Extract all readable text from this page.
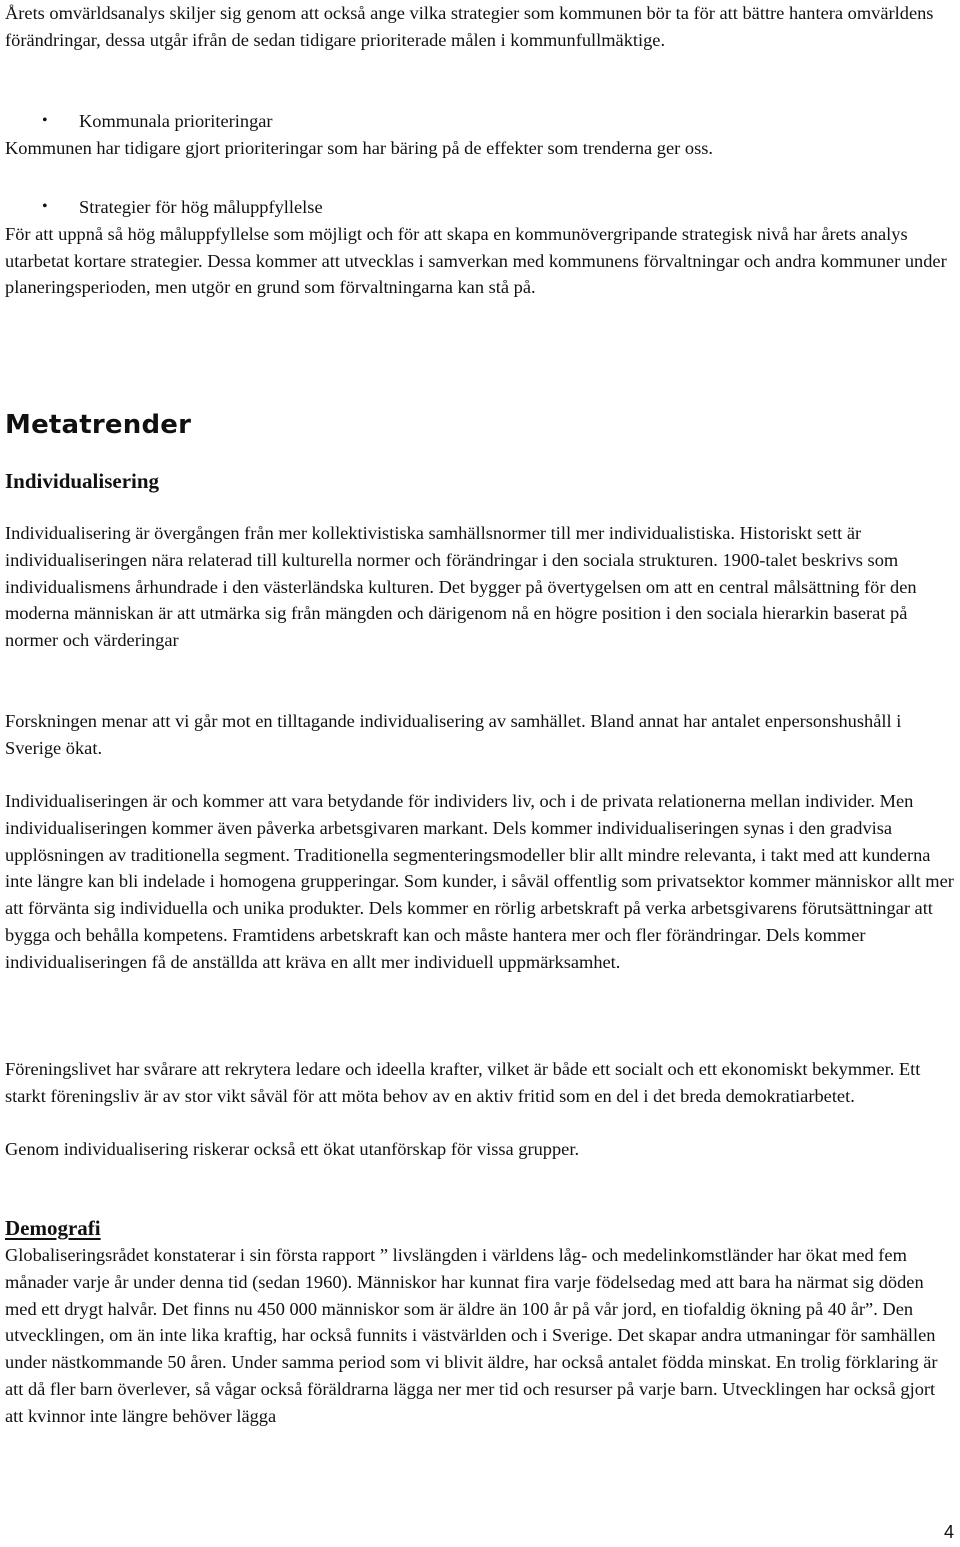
Årets omvärldsanalys skiljer sig genom att också ange vilka strategier som kommunen bör ta för att bättre hantera omvärldens förändringar, dessa utgår ifrån de sedan tidigare prioriterade målen i kommunfullmäktige.

• Kommunala prioriteringar

Kommunen har tidigare gjort prioriteringar som har bäring på de effekter som trenderna ger oss.

• Strategier för hög måluppfyllelse

För att uppnå så hög måluppfyllelse som möjligt och för att skapa en kommunövergripande strategisk nivå har årets analys utarbetat kortare strategier. Dessa kommer att utvecklas i samverkan med kommunens förvaltningar och andra kommuner under planeringsperioden, men utgör en grund som förvaltningarna kan stå på.

Metatrender
Individualisering

Individualisering är övergången från mer kollektivistiska samhällsnormer till mer individualistiska. Historiskt sett är individualiseringen nära relaterad till kulturella normer och förändringar i den sociala strukturen. 1900-talet beskrivs som individualismens århundrade i den västerländska kulturen. Det bygger på övertygelsen om att en central målsättning för den moderna människan är att utmärka sig från mängden och därigenom nå en högre position i den sociala hierarkin baserat på normer och värderingar

Forskningen menar att vi går mot en tilltagande individualisering av samhället. Bland annat har antalet enpersonshushåll i Sverige ökat.

Individualiseringen är och kommer att vara betydande för individers liv, och i de privata relationerna mellan individer. Men individualiseringen kommer även påverka arbetsgivaren markant. Dels kommer individualiseringen synas i den gradvisa upplösningen av traditionella segment. Traditionella segmenteringsmodeller blir allt mindre relevanta, i takt med att kunderna inte längre kan bli indelade i homogena grupperingar. Som kunder, i såväl offentlig som privatsektor kommer människor allt mer att förvänta sig individuella och unika produkter. Dels kommer en rörlig arbetskraft på verka arbetsgivarens förutsättningar att bygga och behålla kompetens. Framtidens arbetskraft kan och måste hantera mer och fler förändringar. Dels kommer individualiseringen få de anställda att kräva en allt mer individuell uppmärksamhet.

Föreningslivet har svårare att rekrytera ledare och ideella krafter, vilket är både ett socialt och ett ekonomiskt bekymmer. Ett starkt föreningsliv är av stor vikt såväl för att möta behov av en aktiv fritid som en del i det breda demokratiarbetet.

Genom individualisering riskerar också ett ökat utanförskap för vissa grupper.

Demografi

Globaliseringsrådet konstaterar i sin första rapport ” livslängden i världens låg- och medelinkomstländer har ökat med fem månader varje år under denna tid (sedan 1960). Människor har kunnat fira varje födelsedag med att bara ha närmat sig döden med ett drygt halvår. Det finns nu 450 000 människor som är äldre än 100 år på vår jord, en tiofaldig ökning på 40 år”. Den utvecklingen, om än inte lika kraftig, har också funnits i västvärlden och i Sverige. Det skapar andra utmaningar för samhällen under nästkommande 50 åren. Under samma period som vi blivit äldre, har också antalet födda minskat. En trolig förklaring är att då fler barn överlever, så vågar också föräldrarna lägga ner mer tid och resurser på varje barn. Utvecklingen har också gjort att kvinnor inte längre behöver lägga

4
